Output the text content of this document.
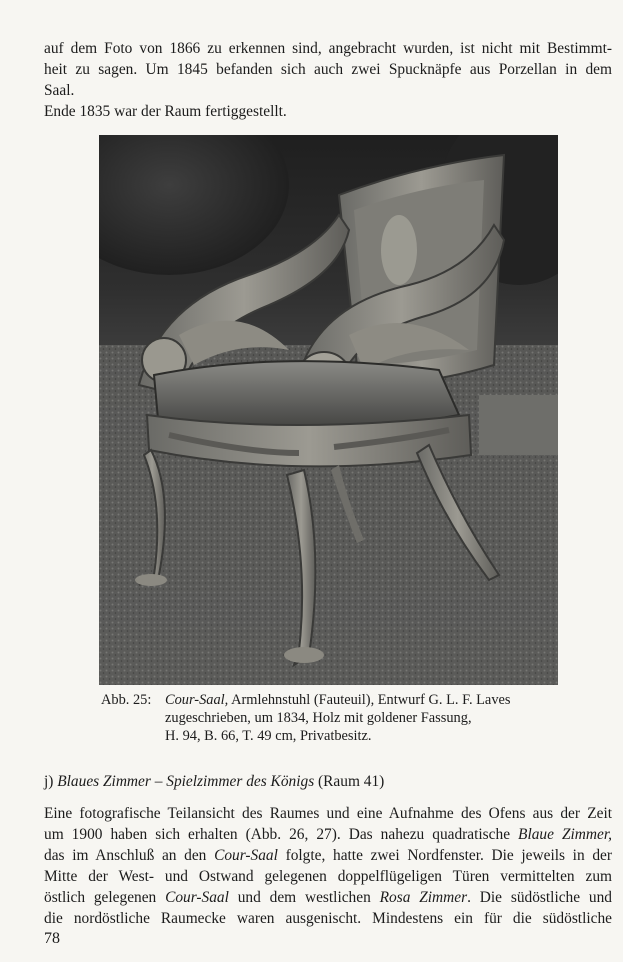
auf dem Foto von 1866 zu erkennen sind, angebracht wurden, ist nicht mit Bestimmt-
heit zu sagen. Um 1845 befanden sich auch zwei Spucknäpfe aus Porzellan in dem
Saal.
Ende 1835 war der Raum fertiggestellt.
Abb. 25: Cour-Saal, Armlehnstuhl (Fauteuil), Entwurf G. L. F. Laves
zugeschrieben, um 1834, Holz mit goldener Fassung,
H. 94, B. 66, T. 49 cm, Privatbesitz.
j) Blaues Zimmer – Spielzimmer des Königs (Raum 41)
Eine fotografische Teilansicht des Raumes und eine Aufnahme des Ofens aus der Zeit
um 1900 haben sich erhalten (Abb. 26, 27). Das nahezu quadratische Blaue Zimmer,
das im Anschluß an den Cour-Saal folgte, hatte zwei Nordfenster. Die jeweils in der
Mitte der West- und Ostwand gelegenen doppelflügeligen Türen vermittelten zum
östlich gelegenen Cour-Saal und dem westlichen Rosa Zimmer. Die südöstliche und
die nordöstliche Raumecke waren ausgenischt. Mindestens ein für die südöstliche
78
